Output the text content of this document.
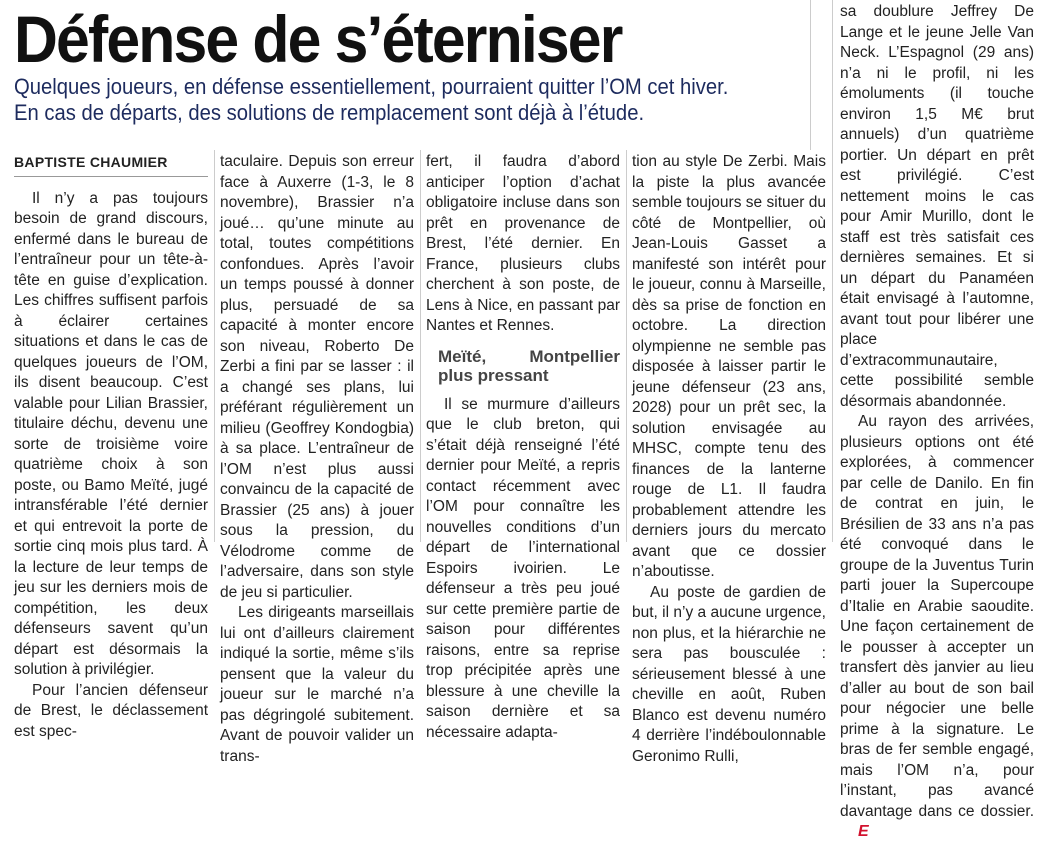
Défense de s’éterniser
Quelques joueurs, en défense essentiellement, pourraient quitter l’OM cet hiver.
En cas de départs, des solutions de remplacement sont déjà à l’étude.
BAPTISTE CHAUMIER

Il n’y a pas toujours besoin de grand discours, enfermé dans le bureau de l’entraîneur pour un tête-à-tête en guise d’explication. Les chiffres suffisent parfois à éclairer certaines situations et dans le cas de quelques joueurs de l’OM, ils disent beaucoup. C’est valable pour Lilian Brassier, titulaire déchu, devenu une sorte de troisième voire quatrième choix à son poste, ou Bamo Meïté, jugé intransférable l’été dernier et qui entrevoit la porte de sortie cinq mois plus tard. À la lecture de leur temps de jeu sur les derniers mois de compétition, les deux défenseurs savent qu’un départ est désormais la solution à privilégier.

Pour l’ancien défenseur de Brest, le déclassement est spec-

taculaire. Depuis son erreur face à Auxerre (1-3, le 8 novembre), Brassier n’a joué… qu’une minute au total, toutes compétitions confondues. Après l’avoir un temps poussé à donner plus, persuadé de sa capacité à monter encore son niveau, Roberto De Zerbi a fini par se lasser : il a changé ses plans, lui préférant régulièrement un milieu (Geoffrey Kondogbia) à sa place. L’entraîneur de l’OM n’est plus aussi convaincu de la capacité de Brassier (25 ans) à jouer sous la pression, du Vélodrome comme de l’adversaire, dans son style de jeu si particulier.

Les dirigeants marseillais lui ont d’ailleurs clairement indiqué la sortie, même s’ils pensent que la valeur du joueur sur le marché n’a pas dégringolé subitement. Avant de pouvoir valider un trans-

fert, il faudra d’abord anticiper l’option d’achat obligatoire incluse dans son prêt en provenance de Brest, l’été dernier. En France, plusieurs clubs cherchent à son poste, de Lens à Nice, en passant par Nantes et Rennes.

Meïté, Montpellier plus pressant

Il se murmure d’ailleurs que le club breton, qui s’était déjà renseigné l’été dernier pour Meïté, a repris contact récemment avec l’OM pour connaître les nouvelles conditions d’un départ de l’international Espoirs ivoirien. Le défenseur a très peu joué sur cette première partie de saison pour différentes raisons, entre sa reprise trop précipitée après une blessure à une cheville la saison dernière et sa nécessaire adapta-

tion au style De Zerbi. Mais la piste la plus avancée semble toujours se situer du côté de Montpellier, où Jean-Louis Gasset a manifesté son intérêt pour le joueur, connu à Marseille, dès sa prise de fonction en octobre. La direction olympienne ne semble pas disposée à laisser partir le jeune défenseur (23 ans, 2028) pour un prêt sec, la solution envisagée au MHSC, compte tenu des finances de la lanterne rouge de L1. Il faudra probablement attendre les derniers jours du mercato avant que ce dossier n’aboutisse.

Au poste de gardien de but, il n’y a aucune urgence, non plus, et la hiérarchie ne sera pas bousculée : sérieusement blessé à une cheville en août, Ruben Blanco est devenu numéro 4 derrière l’indéboulonnable Geronimo Rulli,

sa doublure Jeffrey De Lange et le jeune Jelle Van Neck. L’Espagnol (29 ans) n’a ni le profil, ni les émoluments (il touche environ 1,5 M€ brut annuels) d’un quatrième portier. Un départ en prêt est privilégié. C’est nettement moins le cas pour Amir Murillo, dont le staff est très satisfait ces dernières semaines. Et si un départ du Panaméen était envisagé à l’automne, avant tout pour libérer une place d’extracommunautaire, cette possibilité semble désormais abandonnée.

Au rayon des arrivées, plusieurs options ont été explorées, à commencer par celle de Danilo. En fin de contrat en juin, le Brésilien de 33 ans n’a pas été convoqué dans le groupe de la Juventus Turin parti jouer la Supercoupe d’Italie en Arabie saoudite. Une façon certainement de le pousser à accepter un transfert dès janvier au lieu d’aller au bout de son bail pour négocier une belle prime à la signature. Le bras de fer semble engagé, mais l’OM n’a, pour l’instant, pas avancé davantage dans ce dossier. E
